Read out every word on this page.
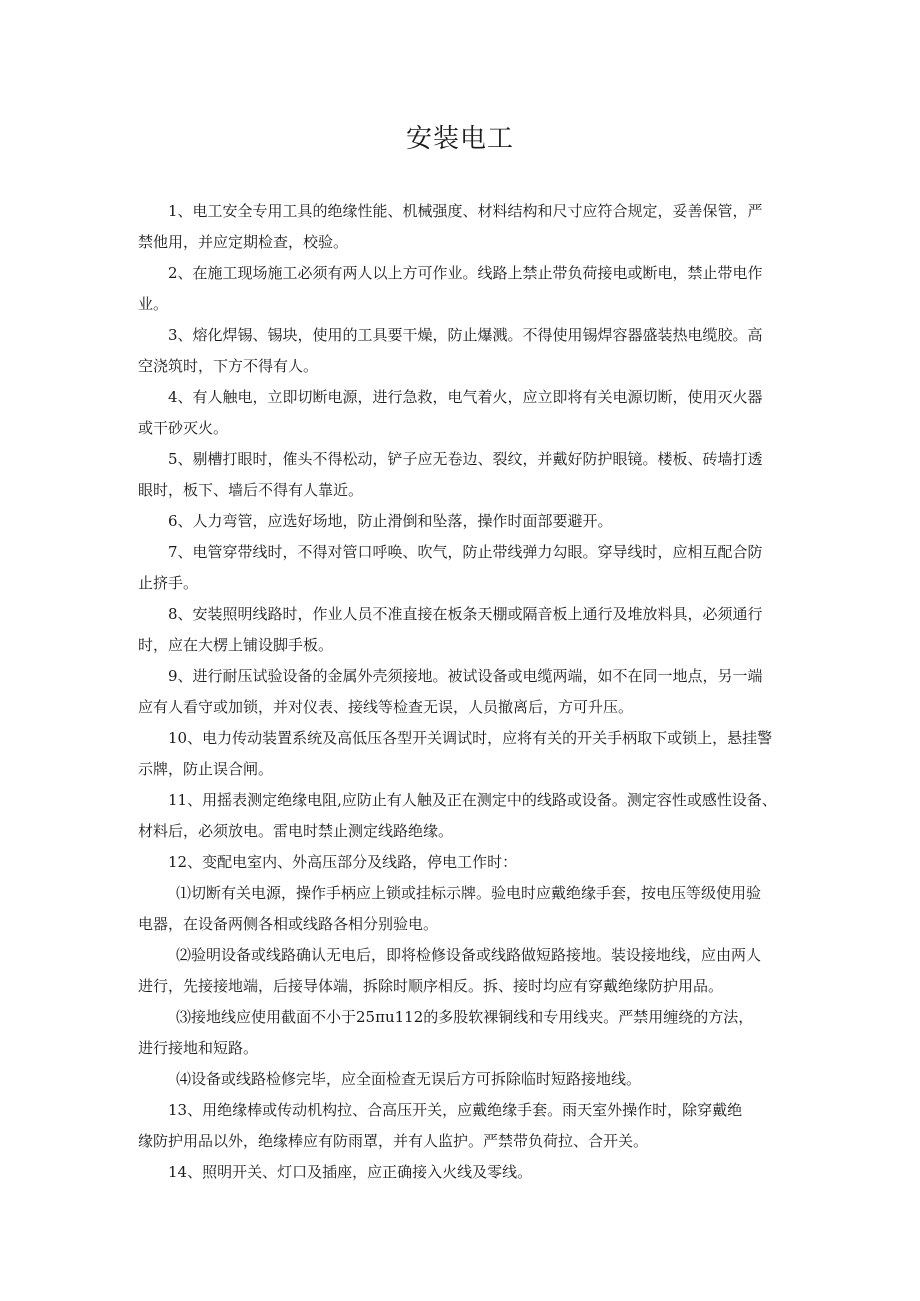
安装电工
1、电工安全专用工具的绝缘性能、机械强度、材料结构和尺寸应符合规定，妥善保管，严
禁他用，并应定期检查，校验。
2、在施工现场施工必须有两人以上方可作业。线路上禁止带负荷接电或断电，禁止带电作
业。
3、熔化焊锡、锡块，使用的工具要干燥，防止爆溅。不得使用锡焊容器盛装热电缆胶。高
空浇筑时，下方不得有人。
4、有人触电，立即切断电源，进行急救，电气着火，应立即将有关电源切断，使用灭火器
或干砂灭火。
5、剔槽打眼时，傕头不得松动，铲子应无卷边、裂纹，并戴好防护眼镜。楼板、砖墙打透
眼时，板下、墙后不得有人靠近。
6、人力弯管，应选好场地，防止滑倒和坠落，操作时面部要避开。
7、电管穿带线时，不得对管口呼唤、吹气，防止带线弹力勾眼。穿导线时，应相互配合防
止挤手。
8、安装照明线路时，作业人员不准直接在板条天棚或隔音板上通行及堆放料具，必须通行
时，应在大楞上铺设脚手板。
9、进行耐压试验设备的金属外壳须接地。被试设备或电缆两端，如不在同一地点，另一端
应有人看守或加锁，并对仪表、接线等检查无误，人员撤离后，方可升压。
10、电力传动装置系统及高低压各型开关调试时，应将有关的开关手柄取下或锁上，悬挂警
示牌，防止误合闸。
11、用摇表测定绝缘电阻,应防止有人触及正在测定中的线路或设备。测定容性或感性设备、
材料后，必须放电。雷电时禁止测定线路绝缘。
12、变配电室内、外高压部分及线路，停电工作时：
⑴切断有关电源，操作手柄应上锁或挂标示牌。验电时应戴绝缘手套，按电压等级使用验
电器，在设备两侧各相或线路各相分别验电。
⑵验明设备或线路确认无电后，即将检修设备或线路做短路接地。装设接地线，应由两人
进行，先接接地端，后接导体端，拆除时顺序相反。拆、接时均应有穿戴绝缘防护用品。
⑶接地线应使用截面不小于25πu112的多股软裸铜线和专用线夹。严禁用缠绕的方法，
进行接地和短路。
⑷设备或线路检修完毕，应全面检查无误后方可拆除临时短路接地线。
13、用绝缘棒或传动机构拉、合高压开关，应戴绝缘手套。雨天室外操作时，除穿戴绝
缘防护用品以外，绝缘棒应有防雨罩，并有人监护。严禁带负荷拉、合开关。
14、照明开关、灯口及插座，应正确接入火线及零线。
